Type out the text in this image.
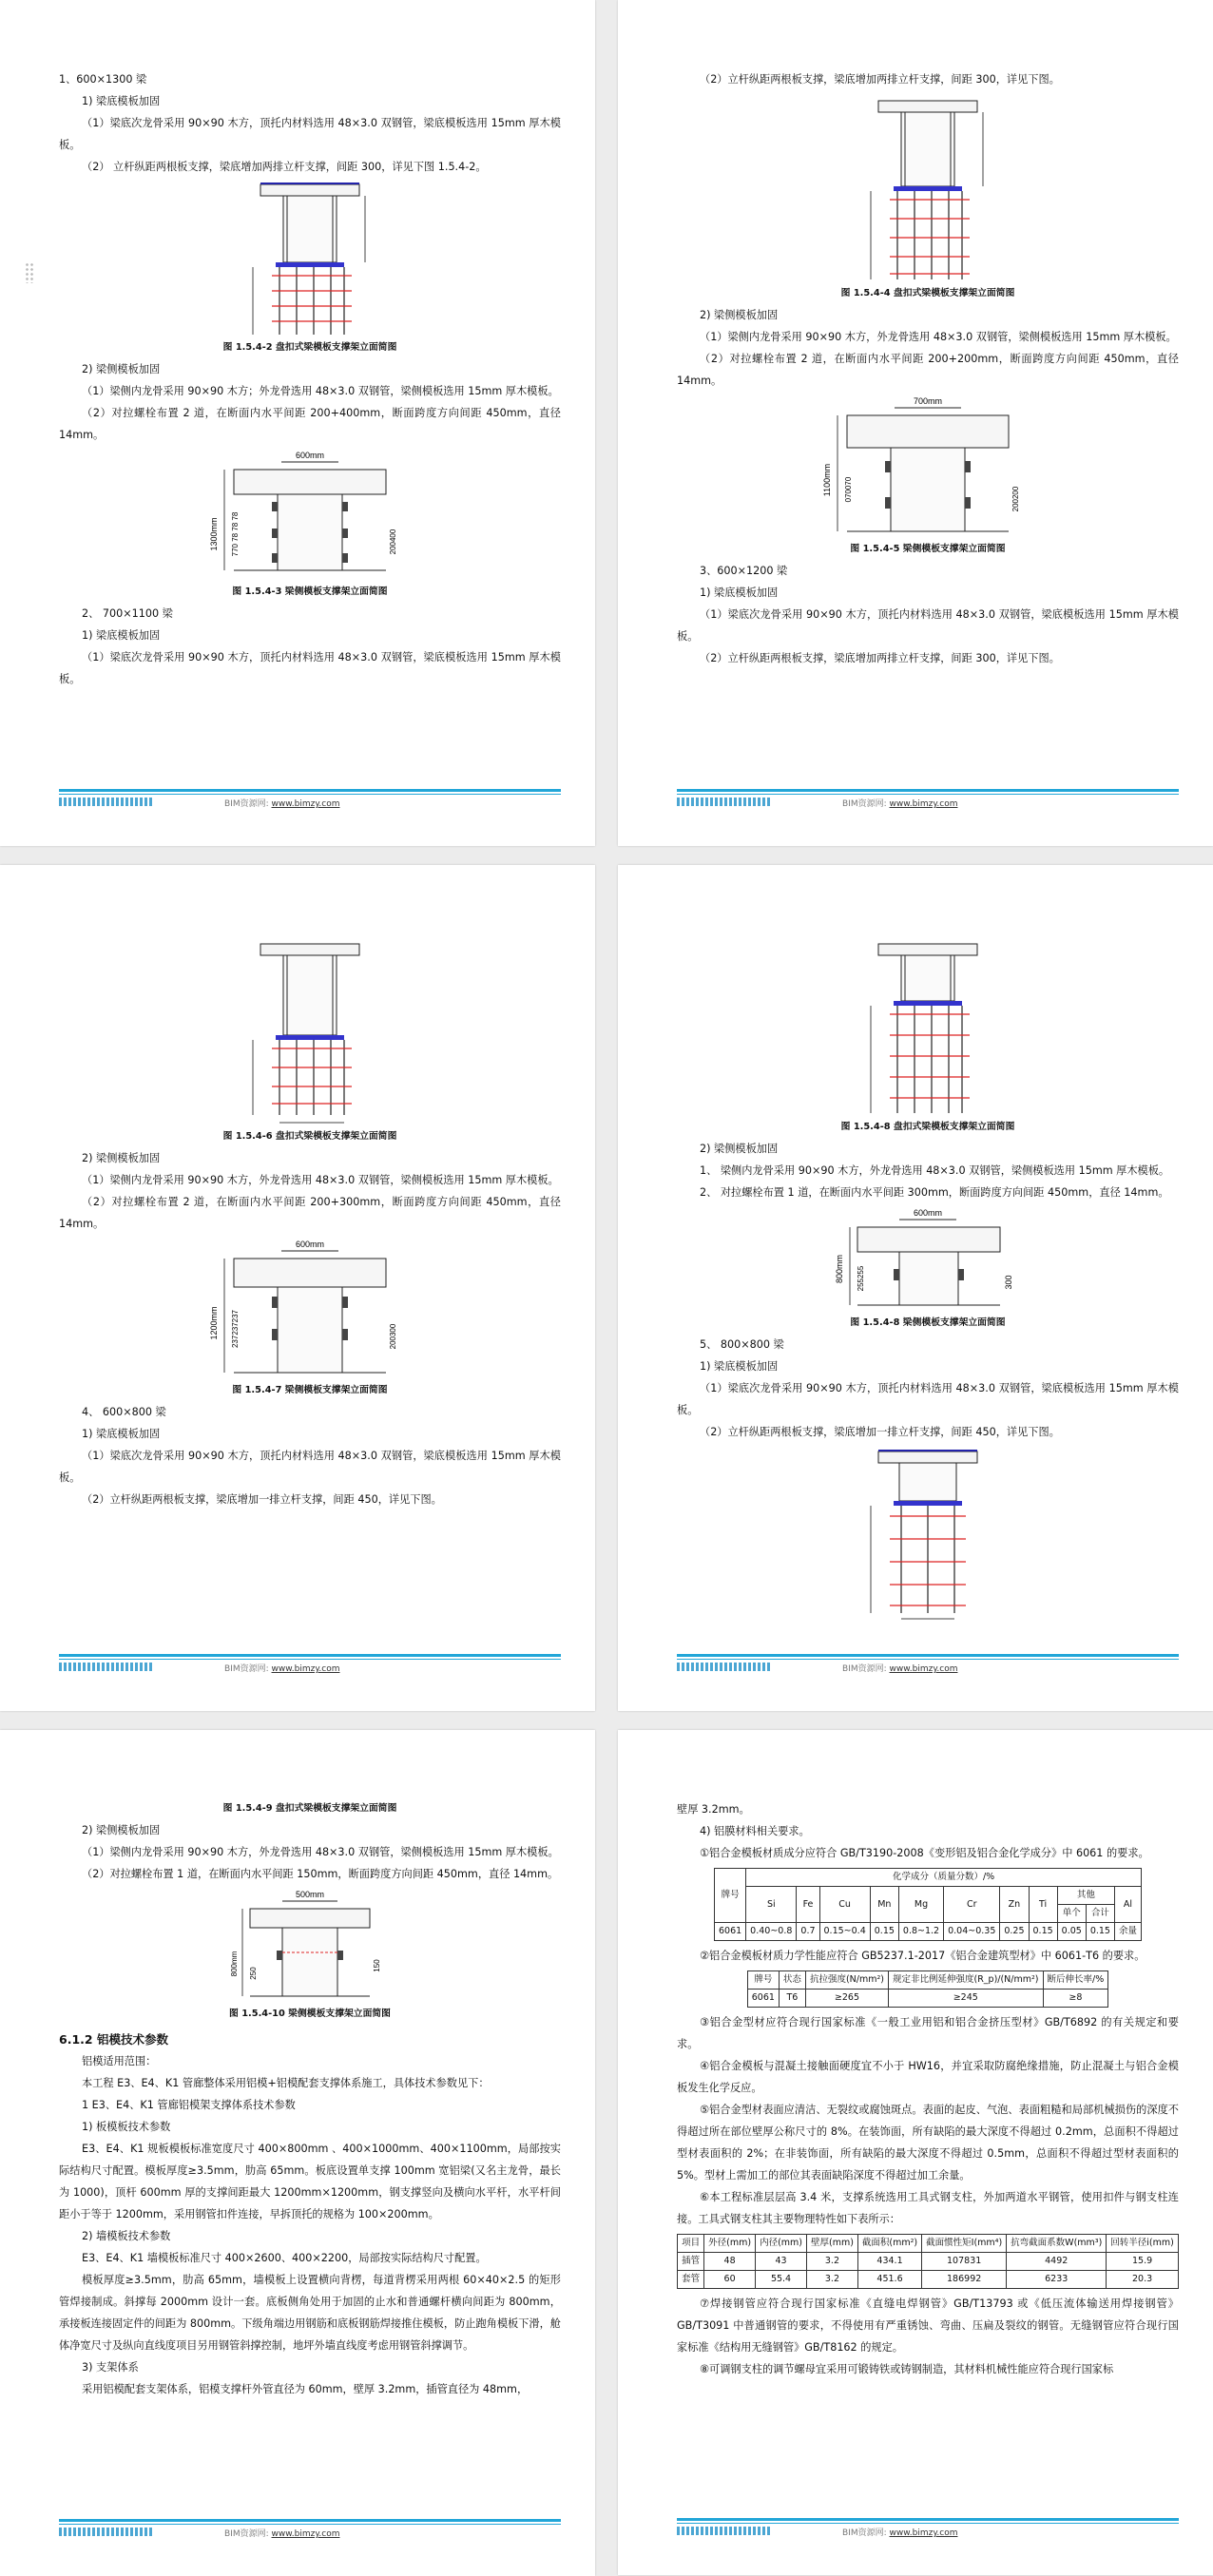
1、600×1300 梁

1) 梁底模板加固

（1）梁底次龙骨采用 90×90 木方，顶托内材料选用 48×3.0 双钢管，梁底模板选用 15mm 厚木模板。

（2） 立杆纵距两根板支撑，梁底增加两排立杆支撑，间距 300，详见下图 1.5.4-2。

图 1.5.4-2 盘扣式梁模板支撑架立面简图

2) 梁侧模板加固

（1）梁侧内龙骨采用 90×90 木方；外龙骨选用 48×3.0 双钢管，梁侧模板选用 15mm 厚木模板。

（2）对拉螺栓布置 2 道，在断面内水平间距 200+400mm，断面跨度方向间距 450mm，直径 14mm。

600mm
1300mm 770 78 78 78	200400

图 1.5.4-3 梁侧模板支撑架立面简图

2、 700×1100 梁

1) 梁底模板加固

（1）梁底次龙骨采用 90×90 木方，顶托内材料选用 48×3.0 双钢管，梁底模板选用 15mm 厚木模板。

BIM资源网: www.bimzy.com

（2）立杆纵距两根板支撑，梁底增加两排立杆支撑，间距 300，详见下图。

图 1.5.4-4 盘扣式梁模板支撑架立面简图

2) 梁侧模板加固

（1）梁侧内龙骨采用 90×90 木方，外龙骨选用 48×3.0 双钢管，梁侧模板选用 15mm 厚木模板。

（2）对拉螺栓布置 2 道，在断面内水平间距 200+200mm，断面跨度方向间距 450mm，直径 14mm。

700mm
1100mm 070070	200200

图 1.5.4-5 梁侧模板支撑架立面简图

3、600×1200 梁

1) 梁底模板加固

（1）梁底次龙骨采用 90×90 木方，顶托内材料选用 48×3.0 双钢管，梁底模板选用 15mm 厚木模板。

（2）立杆纵距两根板支撑，梁底增加两排立杆支撑，间距 300，详见下图。

BIM资源网: www.bimzy.com

图 1.5.4-6 盘扣式梁模板支撑架立面简图

2) 梁侧模板加固

（1）梁侧内龙骨采用 90×90 木方，外龙骨选用 48×3.0 双钢管，梁侧模板选用 15mm 厚木模板。

（2）对拉螺栓布置 2 道，在断面内水平间距 200+300mm，断面跨度方向间距 450mm，直径 14mm。

600mm
1200mm 237237237	200300

图 1.5.4-7 梁侧模板支撑架立面简图

4、 600×800 梁

1) 梁底模板加固

（1）梁底次龙骨采用 90×90 木方，顶托内材料选用 48×3.0 双钢管，梁底模板选用 15mm 厚木模板。

（2）立杆纵距两根板支撑，梁底增加一排立杆支撑，间距 450，详见下图。

BIM资源网: www.bimzy.com

图 1.5.4-8 盘扣式梁模板支撑架立面简图

2) 梁侧模板加固

1、 梁侧内龙骨采用 90×90 木方，外龙骨选用 48×3.0 双钢管，梁侧模板选用 15mm 厚木模板。

2、 对拉螺栓布置 1 道，在断面内水平间距 300mm，断面跨度方向间距 450mm，直径 14mm。

600mm
800mm 255255	300

图 1.5.4-8 梁侧模板支撑架立面简图

5、 800×800 梁

1) 梁底模板加固

（1）梁底次龙骨采用 90×90 木方，顶托内材料选用 48×3.0 双钢管，梁底模板选用 15mm 厚木模板。

（2）立杆纵距两根板支撑，梁底增加一排立杆支撑，间距 450，详见下图。

BIM资源网: www.bimzy.com

图 1.5.4-9 盘扣式梁模板支撑架立面简图

2) 梁侧模板加固

（1）梁侧内龙骨采用 90×90 木方，外龙骨选用 48×3.0 双钢管，梁侧模板选用 15mm 厚木模板。

（2）对拉螺栓布置 1 道，在断面内水平间距 150mm，断面跨度方向间距 450mm，直径 14mm。

500mm
800mm 250
150

图 1.5.4-10 梁侧模板支撑架立面简图

6.1.2 铝模技术参数

铝模适用范围：

本工程 E3、E4、K1 管廊整体采用铝模+铝模配套支撑体系施工，具体技术参数见下：

1 E3、E4、K1 管廊铝模架支撑体系技术参数

1) 板模板技术参数

E3、E4、K1 规板模板标准宽度尺寸 400×800mm 、400×1000mm、400×1100mm，局部按实际结构尺寸配置。模板厚度≥3.5mm，肋高 65mm。板底设置单支撑 100mm 宽铝梁(又名主龙骨，最长为 1000)，顶杆 600mm 厚的支撑间距最大 1200mm×1200mm，钢支撑竖向及横向水平杆，水平杆间距小于等于 1200mm，采用钢管扣件连接，早拆顶托的规格为 100×200mm。

2) 墙模板技术参数

E3、E4、K1 墙模板标准尺寸 400×2600、400×2200，局部按实际结构尺寸配置。

模板厚度≥3.5mm，肋高 65mm，墙模板上设置横向背楞，每道背楞采用两根 60×40×2.5 的矩形管焊接制成。斜撑每 2000mm 设计一套。底板侧角处用于加固的止水和普通螺杆横向间距为 800mm，承接板连接固定件的间距为 800mm。下级角端边用钢筋和底板钢筋焊接推住模板，防止跑角模板下滑，舱体净宽尺寸及纵向直线度项目另用钢管斜撑控制，地坪外墙直线度考虑用钢管斜撑调节。

3) 支架体系

采用铝模配套支架体系，铝模支撑杆外管直径为 60mm，壁厚 3.2mm，插管直径为 48mm，

BIM资源网: www.bimzy.com

壁厚 3.2mm。

4) 铝膜材料相关要求。

①铝合金模板材质成分应符合 GB/T3190-2008《变形铝及铝合金化学成分》中 6061 的要求。

牌号	化学成分（质量分数）/%										
	Si	Fe	Cu	Mn	Mg	Cr	Zn	Ti	其他		Al
									单个	合计	
6061	0.40~0.8	0.7	0.15~0.4	0.15	0.8~1.2	0.04~0.35	0.25	0.15	0.05	0.15	余量

②铝合金模板材质力学性能应符合 GB5237.1-2017《铝合金建筑型材》中 6061-T6 的要求。

牌号	状态	抗拉强度(N/mm²)	规定非比例延伸强度(R_p)/(N/mm²)	断后伸长率/%
6061	T6	≥265	≥245	≥8

③铝合金型材应符合现行国家标准《一般工业用铝和铝合金挤压型材》GB/T6892 的有关规定和要求。

④铝合金模板与混凝土接触面硬度宜不小于 HW16，并宜采取防腐绝缘措施，防止混凝土与铝合金模板发生化学反应。

⑤铝合金型材表面应清洁、无裂纹或腐蚀斑点。表面的起皮、气泡、表面粗糙和局部机械损伤的深度不得超过所在部位壁厚公称尺寸的 8%。在装饰面，所有缺陷的最大深度不得超过 0.2mm，总面积不得超过型材表面积的 2%；在非装饰面，所有缺陷的最大深度不得超过 0.5mm，总面积不得超过型材表面积的 5%。型材上需加工的部位其表面缺陷深度不得超过加工余量。

⑥本工程标准层层高 3.4 米，支撑系统选用工具式钢支柱，外加两道水平钢管，使用扣件与钢支柱连接。工具式钢支柱其主要物理特性如下表所示：

项目	外径(mm)	内径(mm)	壁厚(mm)	截面积(mm²)	截面惯性矩I(mm⁴)	抗弯截面系数W(mm³)	回转半径i(mm)
插管	48	43	3.2	434.1	107831	4492	15.9
套管	60	55.4	3.2	451.6	186992	6233	20.3

⑦焊接钢管应符合现行国家标准《直缝电焊钢管》GB/T13793 或《低压流体输送用焊接钢管》GB/T3091 中普通钢管的要求，不得使用有严重锈蚀、弯曲、压扁及裂纹的钢管。无缝钢管应符合现行国家标准《结构用无缝钢管》GB/T8162 的规定。

⑧可调钢支柱的调节螺母宜采用可锻铸铁或铸钢制造，其材料机械性能应符合现行国家标

BIM资源网: www.bimzy.com
